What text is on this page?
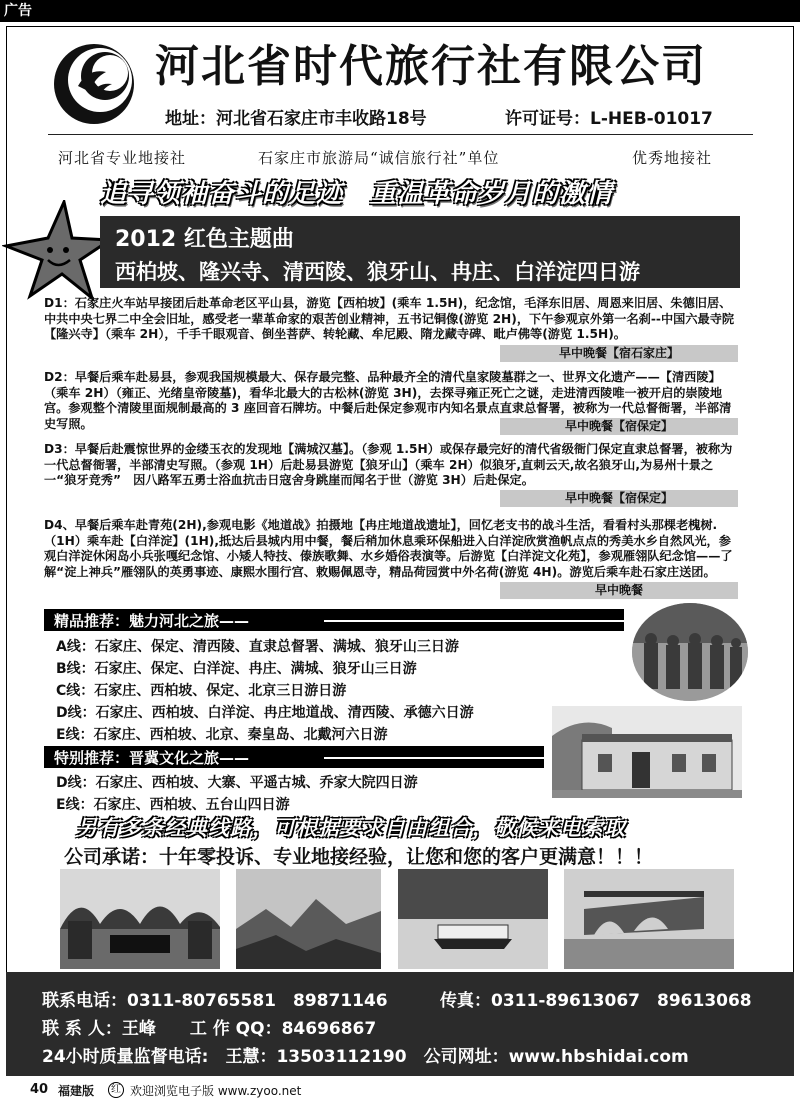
广告
河北省时代旅行社有限公司
地址：河北省石家庄市丰收路18号	许可证号：L-HEB-01017
河北省专业地接社	石家庄市旅游局“诚信旅行社”单位	优秀地接社
追寻领袖奋斗的足迹　重温革命岁月的激情
2012 红色主题曲
西柏坡、隆兴寺、清西陵、狼牙山、冉庄、白洋淀四日游
D1：石家庄火车站早接团后赴革命老区平山县，游览【西柏坡】(乘车 1.5H)，纪念馆，毛泽东旧居、周恩来旧居、朱德旧居、中共中央七界二中全会旧址，感受老一辈革命家的艰苦创业精神，五书记铜像(游览 2H)，下午参观京外第一名刹--中国六最寺院【隆兴寺】（乘车 2H），千手千眼观音、倒坐菩萨、转轮藏、牟尼殿、隋龙藏寺碑、毗卢佛等(游览 1.5H)。
早中晚餐【宿石家庄】
D2：早餐后乘车赴易县，参观我国规模最大、保存最完整、品种最齐全的清代皇家陵墓群之一、世界文化遗产——【清西陵】（乘车 2H）（雍正、光绪皇帝陵墓)，看华北最大的古松林(游览 3H)，去探寻雍正死亡之谜，走进清西陵唯一被开启的崇陵地宫。参观整个清陵里面规制最高的 3 座回音石牌坊。中餐后赴保定参观市内知名景点直隶总督署，被称为一代总督衙署，半部清史写照。	早中晚餐【宿保定】
D3：早餐后赴震惊世界的金缕玉衣的发现地【满城汉墓】。（参观 1.5H）或保存最完好的清代省级衙门保定直隶总督署，被称为一代总督衙署，半部清史写照。（参观 1H）后赴易县游览【狼牙山】（乘车 2H）似狼牙,直刺云天,故名狼牙山,为易州十景之一“狼牙竞秀”　因八路军五勇士浴血抗击日寇舍身跳崖而闻名于世（游览 3H）后赴保定。
早中晚餐【宿保定】
D4、早餐后乘车赴青苑(2H),参观电影《地道战》拍摄地【冉庄地道战遗址】，回忆老支书的战斗生活，看看村头那棵老槐树.（1H）乘车赴【白洋淀】(1H),抵达后县城内用中餐，餐后稍加休息乘环保船进入白洋淀欣赏渔帆点点的秀美水乡自然风光，参观白洋淀休闲岛小兵张嘎纪念馆、小矮人特技、傣族歌舞、水乡婚俗表演等。后游览【白洋淀文化苑】，参观雁翎队纪念馆——了解“淀上神兵”雁翎队的英勇事迹、康熙水围行宫、敕赐佩恩寺，精品荷园赏中外名荷(游览 4H)。游览后乘车赴石家庄送团。
早中晚餐
精品推荐：魅力河北之旅——
A线：石家庄、保定、清西陵、直隶总督署、满城、狼牙山三日游
B线：石家庄、保定、白洋淀、冉庄、满城、狼牙山三日游
C线：石家庄、西柏坡、保定、北京三日游日游
D线：石家庄、西柏坡、白洋淀、冉庄地道战、清西陵、承德六日游
E线：石家庄、西柏坡、北京、秦皇岛、北戴河六日游
特别推荐：晋冀文化之旅——
D线：石家庄、西柏坡、大寨、平遥古城、乔家大院四日游
E线：石家庄、西柏坡、五台山四日游
另有多条经典线路，可根据要求自由组合，敬候来电索取
公司承诺：十年零投诉、专业地接经验，让您和您的客户更满意！！！
联系电话：0311-80765581　89871146	传真：0311-89613067　89613068
联 系 人：王峰　　工 作 QQ：84696867
24小时质量监督电话:　王慧：13503112190　公司网址：www.hbshidai.com
40 福建版	红 欢迎浏览电子版 www.zyoo.net
